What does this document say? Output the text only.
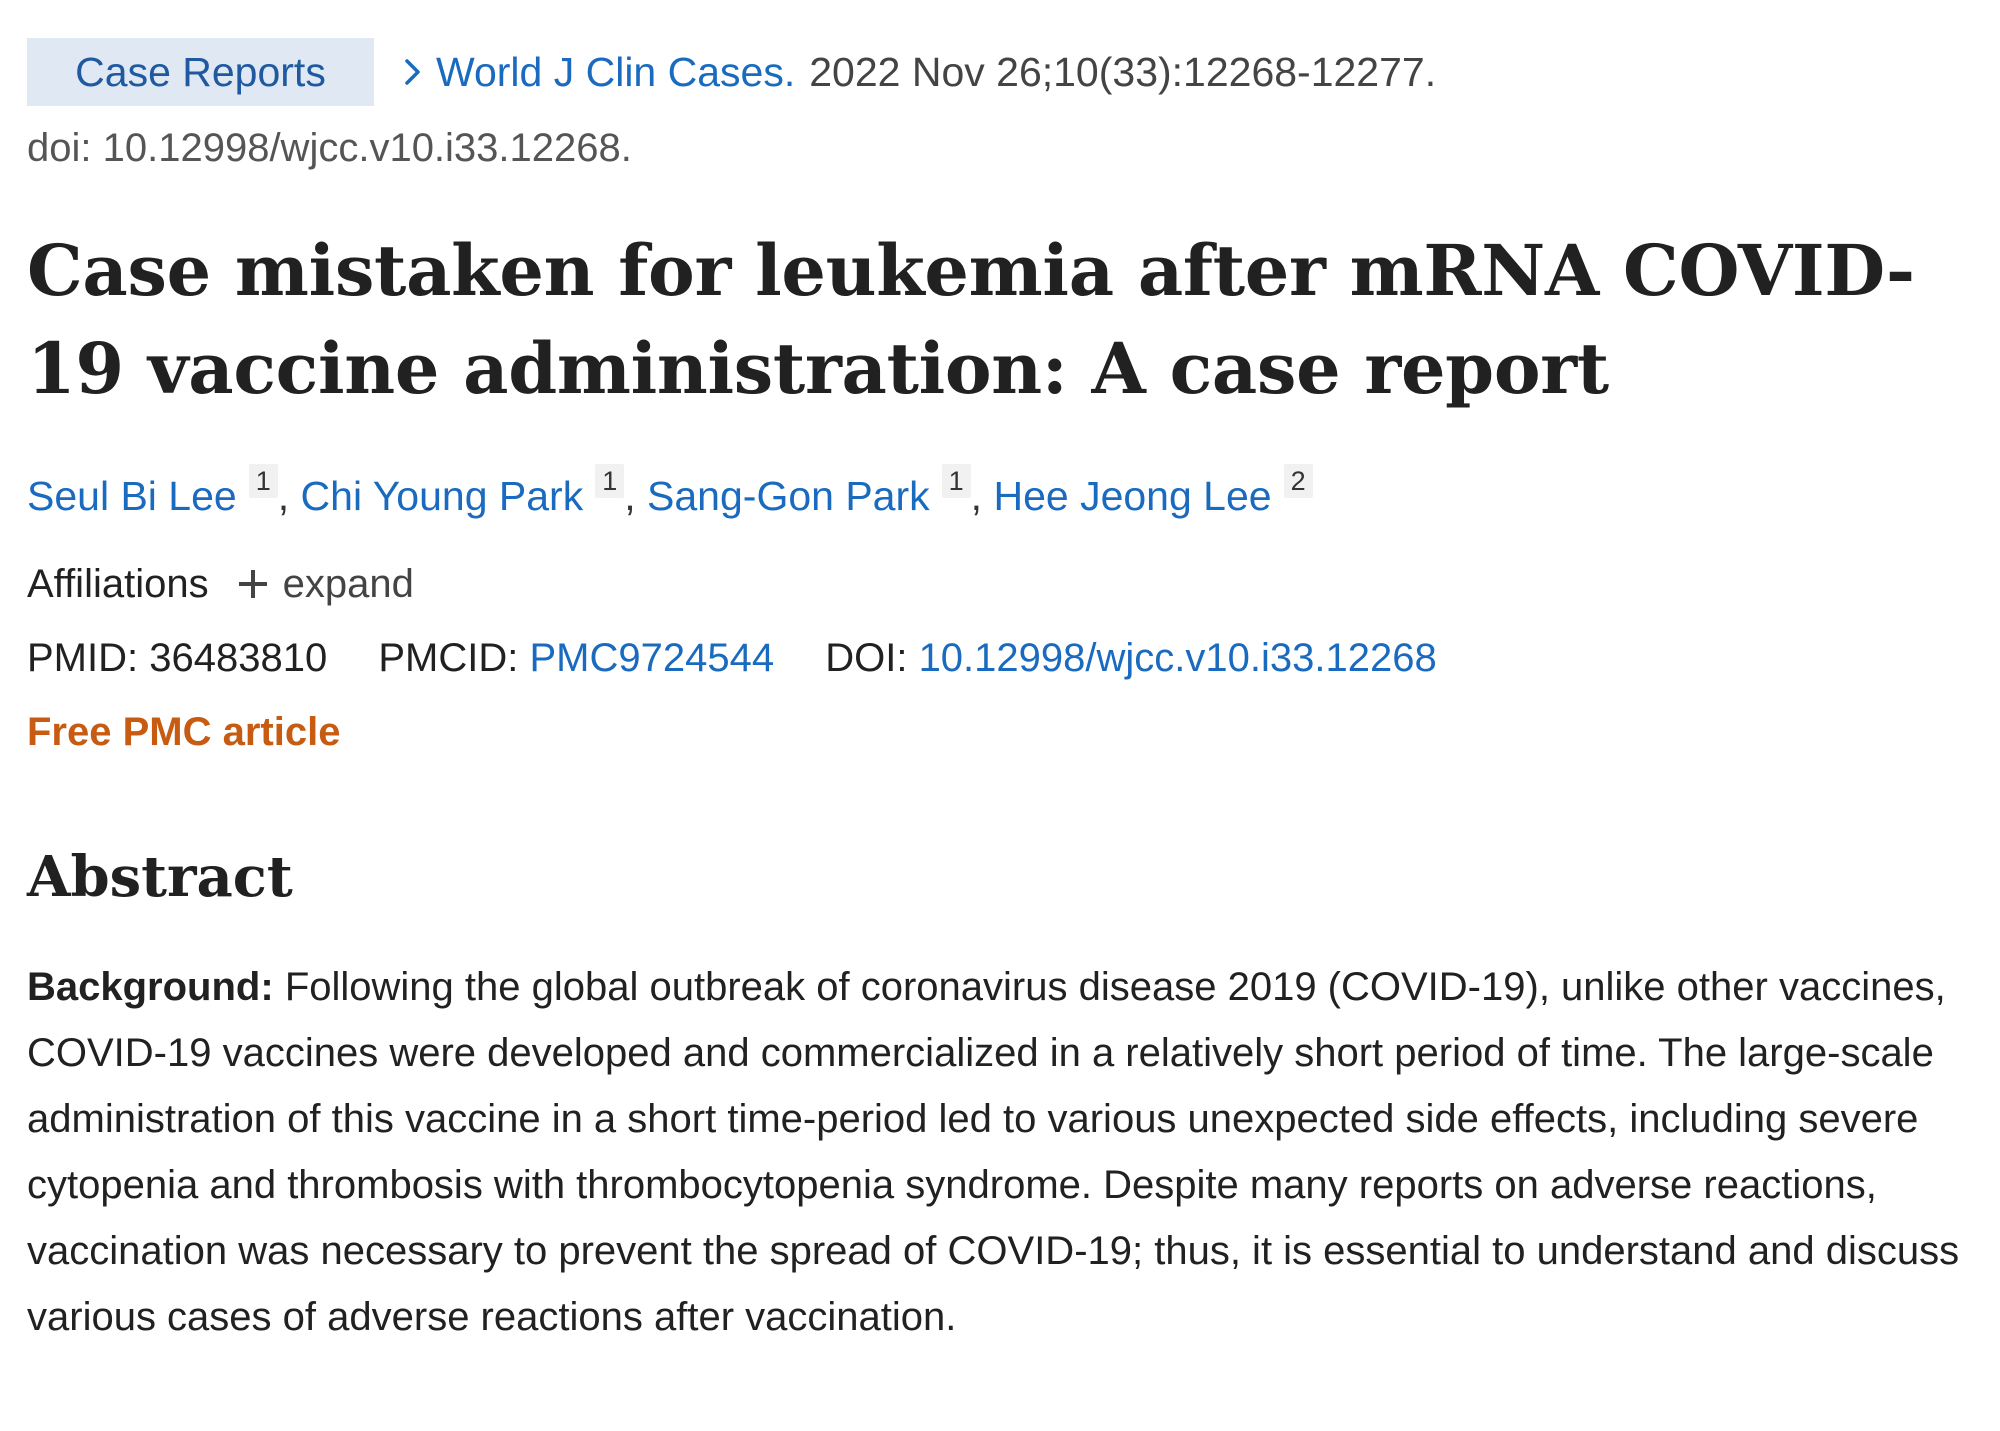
Case Reports	World J Clin Cases. 2022 Nov 26;10(33):12268-12277.
doi: 10.12998/wjcc.v10.i33.12268.
Case mistaken for leukemia after mRNA COVID-19 vaccine administration: A case report
Seul Bi Lee 1 , Chi Young Park 1 , Sang-Gon Park 1 , Hee Jeong Lee 2
Affiliations expand
PMID: 36483810 PMCID: PMC9724544 DOI: 10.12998/wjcc.v10.i33.12268
Free PMC article
Abstract

Background: Following the global outbreak of coronavirus disease 2019 (COVID-19), unlike other vaccines, COVID-19 vaccines were developed and commercialized in a relatively short period of time. The large-scale administration of this vaccine in a short time-period led to various unexpected side effects, including severe cytopenia and thrombosis with thrombocytopenia syndrome. Despite many reports on adverse reactions, vaccination was necessary to prevent the spread of COVID-19; thus, it is essential to understand and discuss various cases of adverse reactions after vaccination.
